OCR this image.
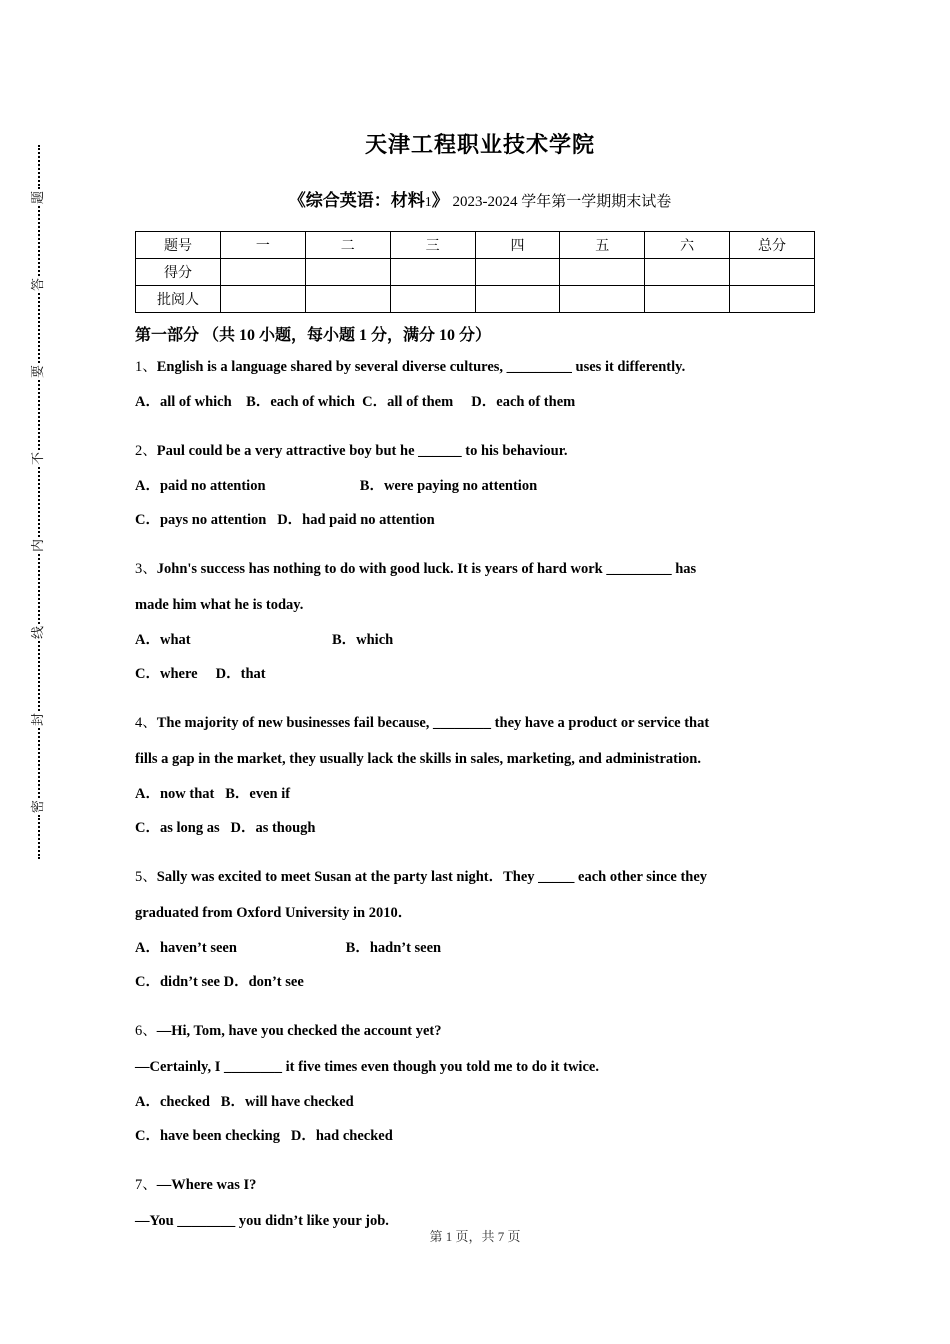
密封线内不要答题
天津工程职业技术学院
《综合英语：材料1》 2023-2024 学年第一学期期末试卷
题号	一	二	三	四	五	六	总分
得分							
批阅人							
第一部分 （共 10 小题，每小题 1 分，满分 10 分）
1、English is a language shared by several diverse cultures, _________ uses it differently.
A．all of which    B．each of which  C．all of them     D．each of them
2、Paul could be a very attractive boy but he ______ to his behaviour.
A．paid no attention                          B．were paying no attention
C．pays no attention   D．had paid no attention
3、John's success has nothing to do with good luck. It is years of hard work _________ has
made him what he is today.
A．what                                       B．which
C．where     D．that
4、The majority of new businesses fail because, ________ they have a product or service that
fills a gap in the market, they usually lack the skills in sales, marketing, and administration.
A．now that   B．even if
C．as long as   D．as though
5、Sally was excited to meet Susan at the party last night．They _____ each other since they
graduated from Oxford University in 2010．
A．haven’t seen                              B．hadn’t seen
C．didn’t see D．don’t see
6、—Hi, Tom, have you checked the account yet?
—Certainly, I ________ it five times even though you told me to do it twice.
A．checked   B．will have checked
C．have been checking   D．had checked
7、—Where was I?
—You ________ you didn’t like your job.
第 1 页，共 7 页
